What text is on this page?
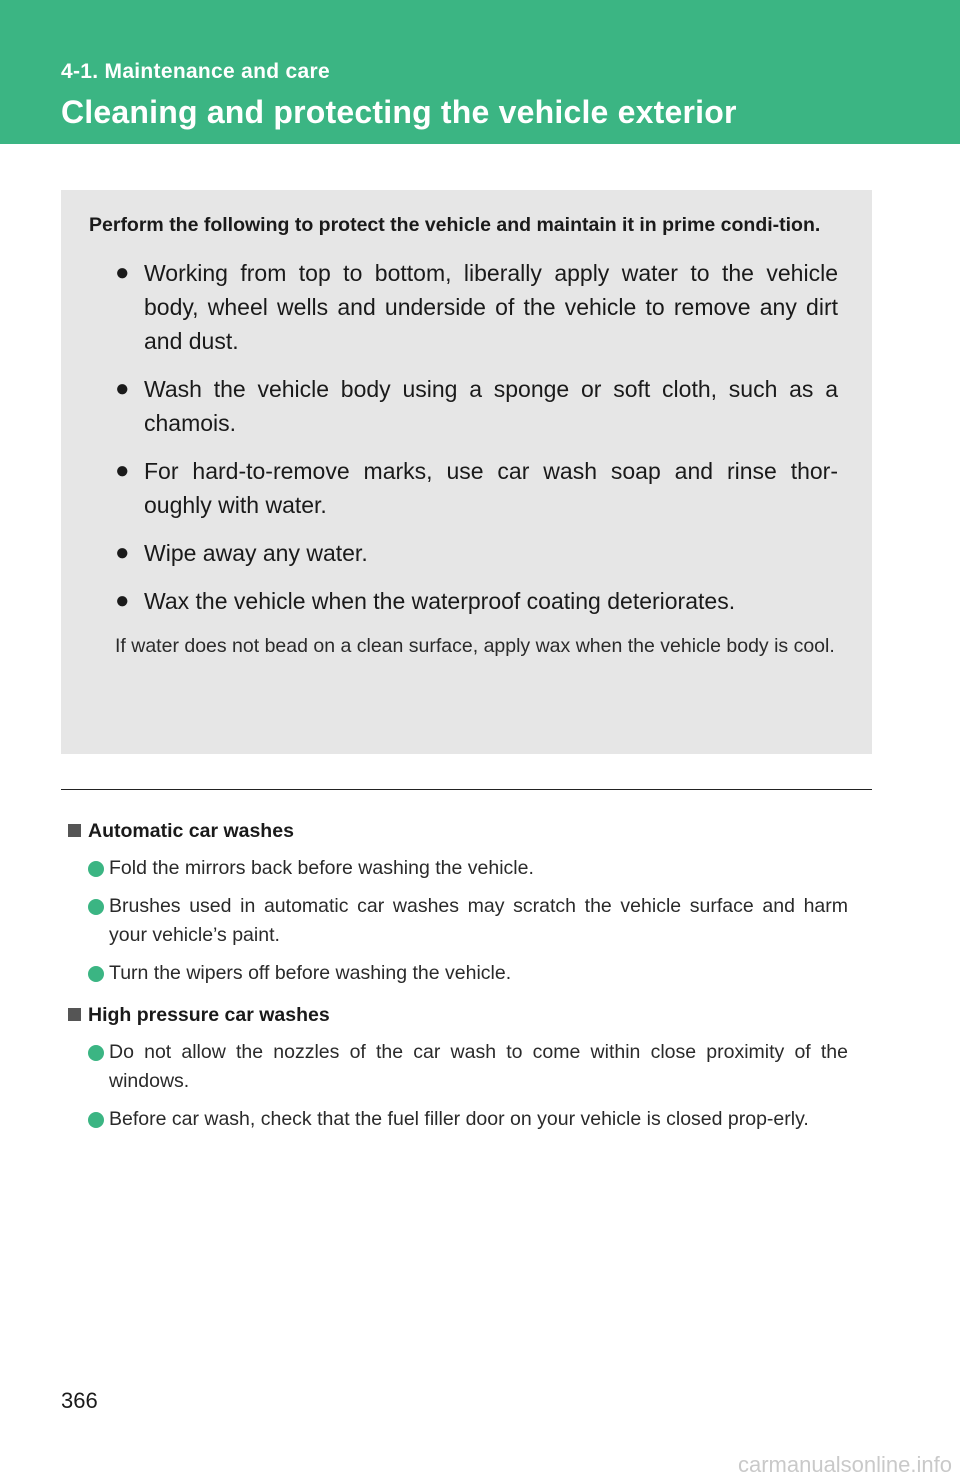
4-1. Maintenance and care
Cleaning and protecting the vehicle exterior

Perform the following to protect the vehicle and maintain it in prime condi-tion.

● Working from top to bottom, liberally apply water to the vehicle body, wheel wells and underside of the vehicle to remove any dirt and dust.
● Wash the vehicle body using a sponge or soft cloth, such as a chamois.
● For hard-to-remove marks, use car wash soap and rinse thor-oughly with water.
● Wipe away any water.
● Wax the vehicle when the waterproof coating deteriorates.

If water does not bead on a clean surface, apply wax when the vehicle body is cool.

Automatic car washes
Fold the mirrors back before washing the vehicle.
Brushes used in automatic car washes may scratch the vehicle surface and harm your vehicle’s paint.
Turn the wipers off before washing the vehicle.
High pressure car washes
Do not allow the nozzles of the car wash to come within close proximity of the windows.
Before car wash, check that the fuel filler door on your vehicle is closed prop-erly.
366
carmanualsonline.info
